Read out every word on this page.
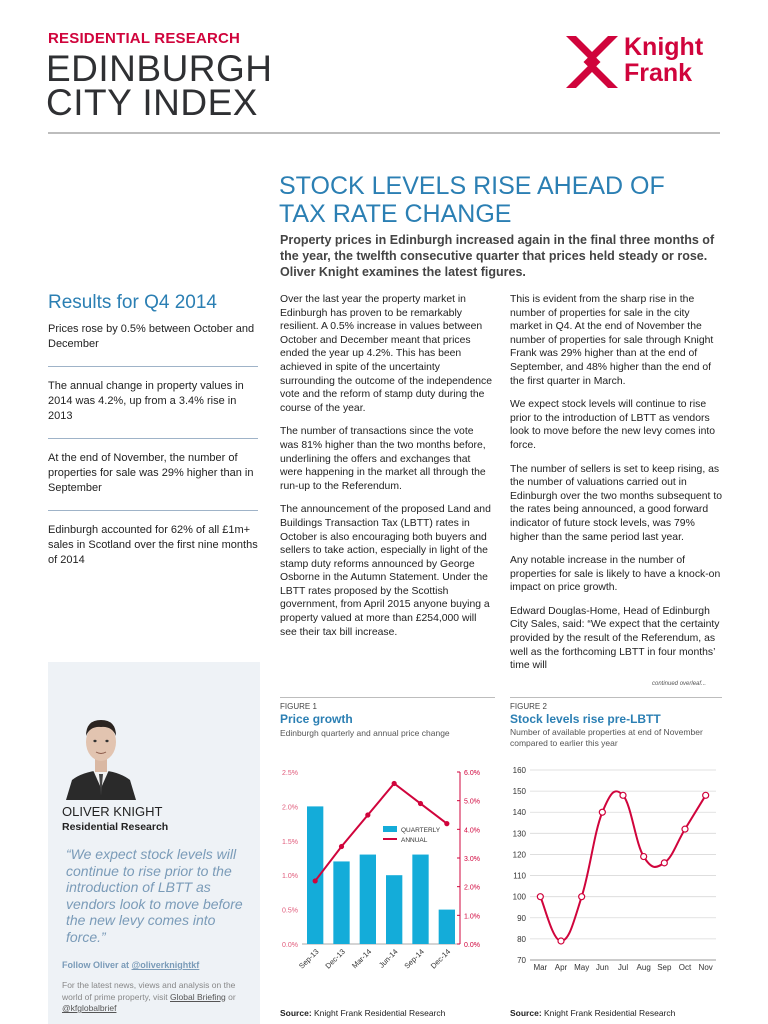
RESIDENTIAL RESEARCH
EDINBURGH
CITY INDEX
Knight
Frank
STOCK LEVELS RISE AHEAD OF
TAX RATE CHANGE
Property prices in Edinburgh increased again in the final three months of the year, the twelfth consecutive quarter that prices held steady or rose. Oliver Knight examines the latest figures.
Results for Q4 2014
Prices rose by 0.5% between October and December
The annual change in property values in 2014 was 4.2%, up from a 3.4% rise in 2013
At the end of November, the number of properties for sale was 29% higher than in September
Edinburgh accounted for 62% of all £1m+ sales in Scotland over the first nine months of 2014

Over the last year the property market in Edinburgh has proven to be remarkably resilient. A 0.5% increase in values between October and December meant that prices ended the year up 4.2%. This has been achieved in spite of the uncertainty surrounding the outcome of the independence vote and the reform of stamp duty during the course of the year.

The number of transactions since the vote was 81% higher than the two months before, underlining the offers and exchanges that were happening in the market all through the run-up to the Referendum.

The announcement of the proposed Land and Buildings Transaction Tax (LBTT) rates in October is also encouraging both buyers and sellers to take action, especially in light of the stamp duty reforms announced by George Osborne in the Autumn Statement. Under the LBTT rates proposed by the Scottish government, from April 2015 anyone buying a property valued at more than £254,000 will see their tax bill increase.

This is evident from the sharp rise in the number of properties for sale in the city market in Q4. At the end of November the number of properties for sale through Knight Frank was 29% higher than at the end of September, and 48% higher than the end of the first quarter in March.

We expect stock levels will continue to rise prior to the introduction of LBTT as vendors look to move before the new levy comes into force.

The number of sellers is set to keep rising, as the number of valuations carried out in Edinburgh over the two months subsequent to the rates being announced, a good forward indicator of future stock levels, was 79% higher than the same period last year.

Any notable increase in the number of properties for sale is likely to have a knock-on impact on price growth.

Edward Douglas-Home, Head of Edinburgh City Sales, said: “We expect that the certainty provided by the result of the Referendum, as well as the forthcoming LBTT in four months’ time will

continued overleaf...
OLIVER KNIGHT
Residential Research
“We expect stock levels will continue to rise prior to the introduction of LBTT as vendors look to move before the new levy comes into force.”
Follow Oliver at @oliverknightkf
For the latest news, views and analysis on the world of prime property, visit Global Briefing or @kfglobalbrief
FIGURE 1
Price growth
Edinburgh quarterly and annual price change
0.0%
0.5%
1.0%
1.5%
2.0%
2.5%
0.0%
1.0%
2.0%
3.0%
4.0%
5.0%
6.0%
Sep-13 Dec-13 Mar-14 Jun-14 Sep-14 Dec-14
QUARTERLY
ANNUAL
Source: Knight Frank Residential Research
FIGURE 2
Stock levels rise pre-LBTT
Number of available properties at end of November compared to earlier this year
70
80
90
100
110
120
130
140
150
160
Mar Apr May Jun Jul Aug Sep Oct Nov
Source: Knight Frank Residential Research
